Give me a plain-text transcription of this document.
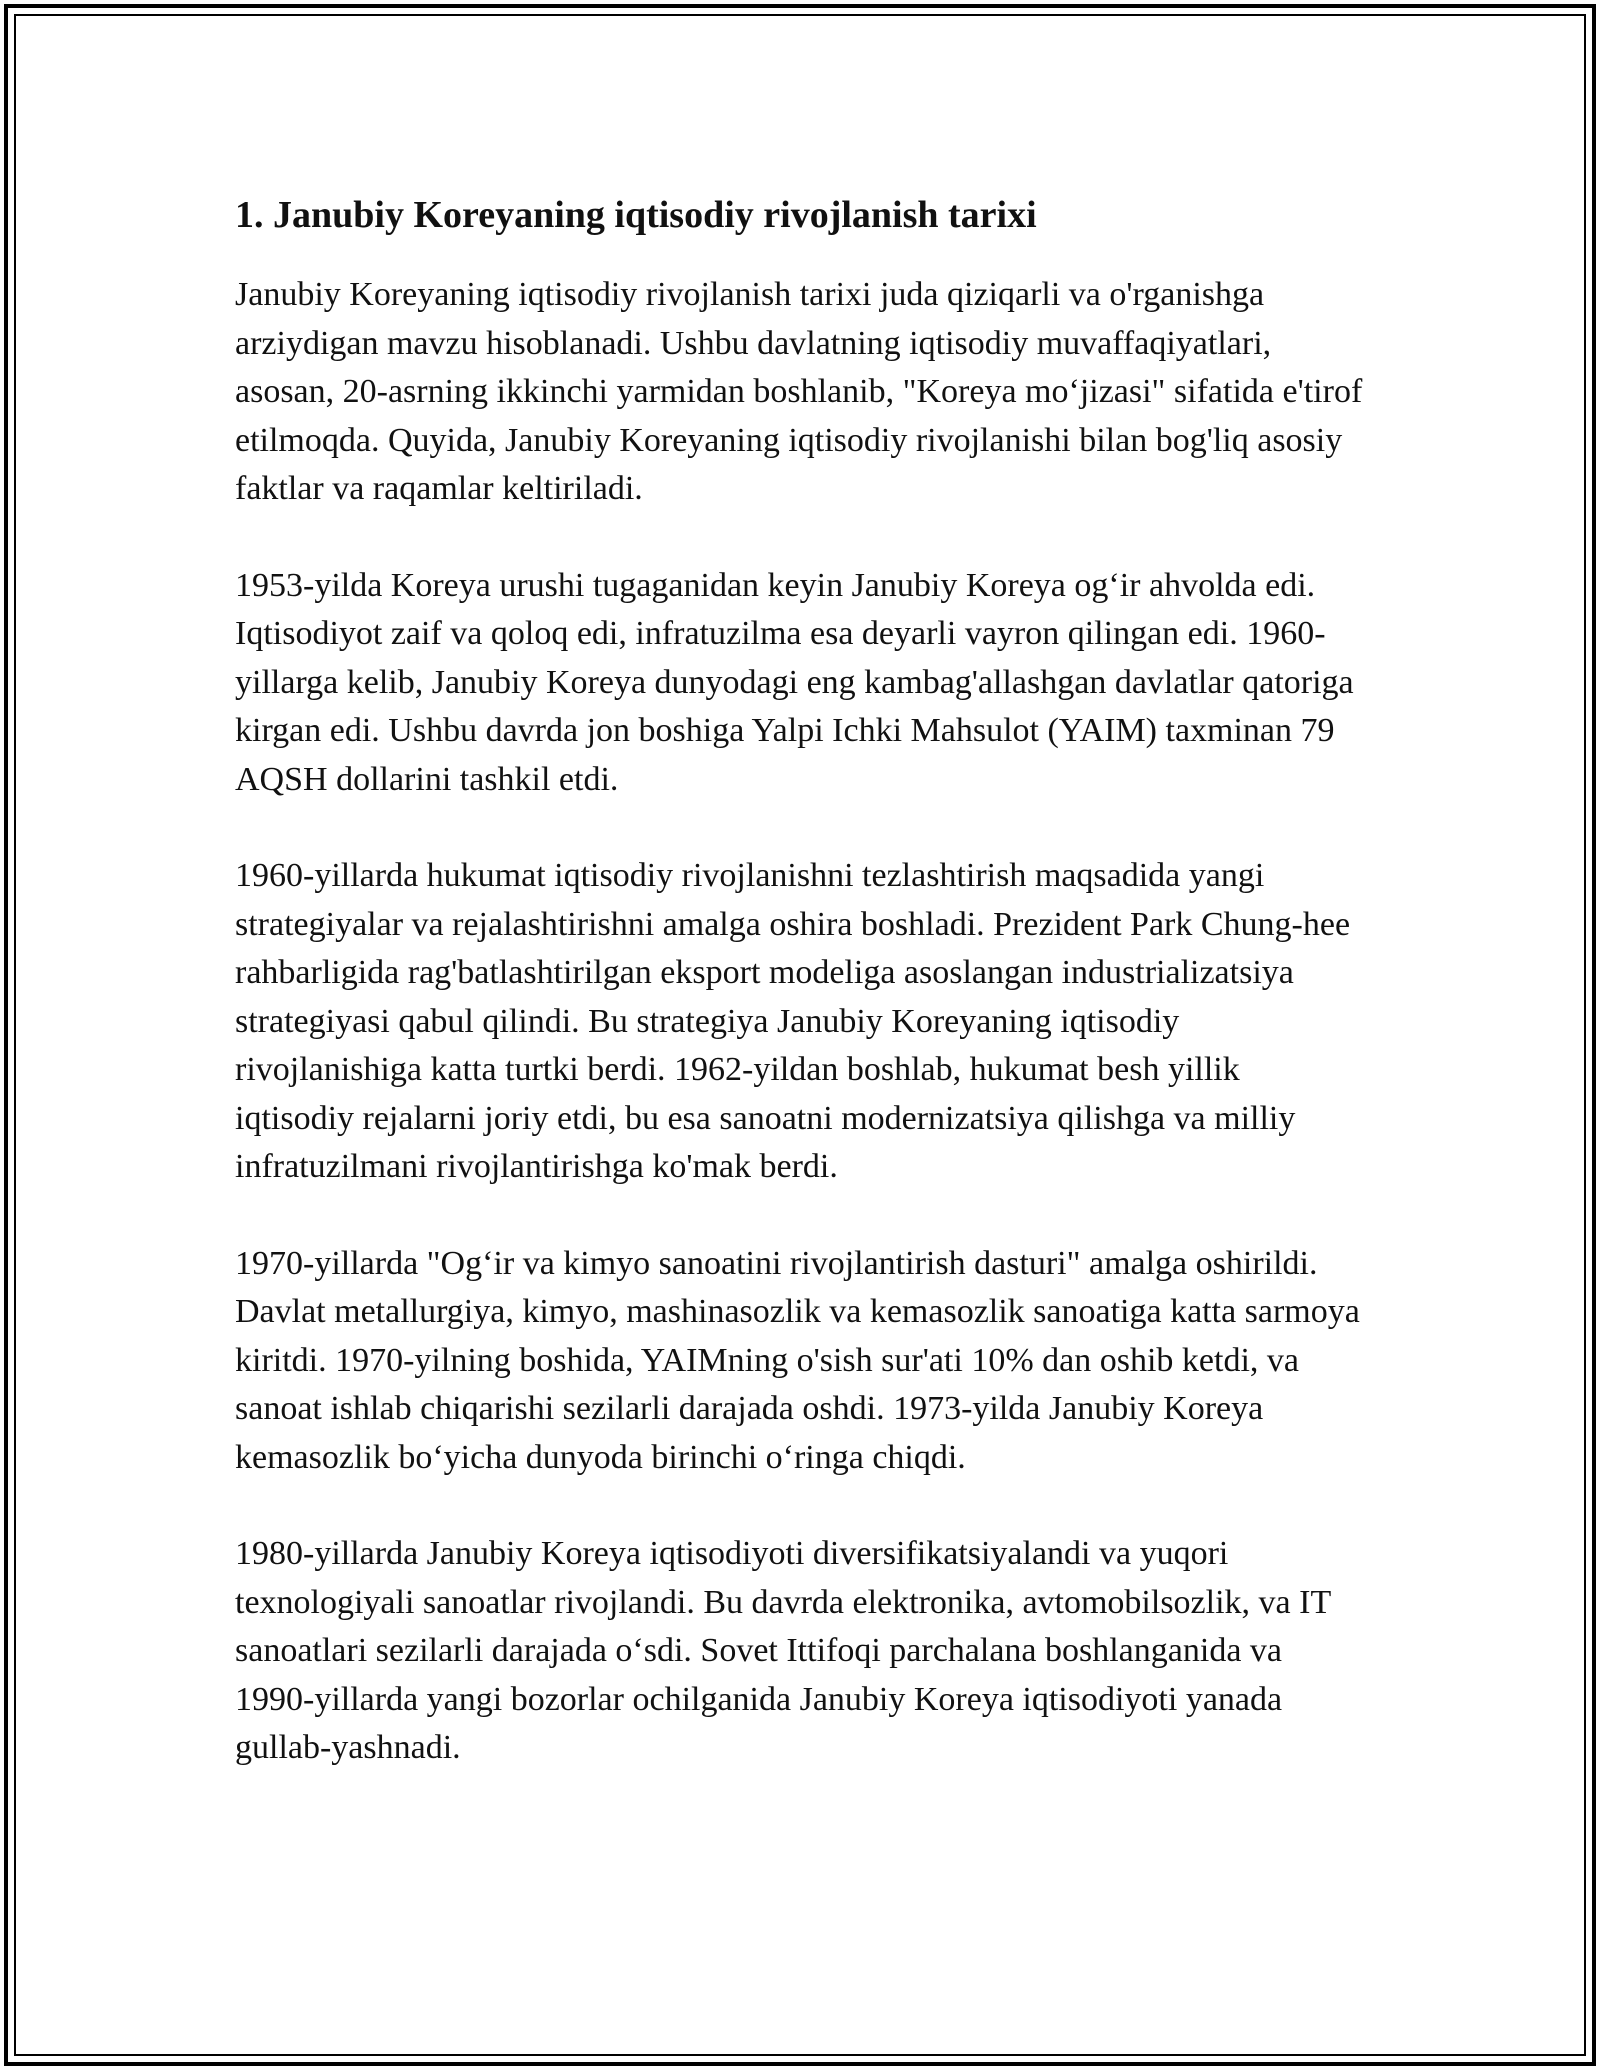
1. Janubiy Koreyaning iqtisodiy rivojlanish tarixi

Janubiy Koreyaning iqtisodiy rivojlanish tarixi juda qiziqarli va o'rganishga arziydigan mavzu hisoblanadi. Ushbu davlatning iqtisodiy muvaffaqiyatlari, asosan, 20-asrning ikkinchi yarmidan boshlanib, "Koreya mo‘jizasi" sifatida e'tirof etilmoqda. Quyida, Janubiy Koreyaning iqtisodiy rivojlanishi bilan bog'liq asosiy faktlar va raqamlar keltiriladi.

1953-yilda Koreya urushi tugaganidan keyin Janubiy Koreya og‘ir ahvolda edi. Iqtisodiyot zaif va qoloq edi, infratuzilma esa deyarli vayron qilingan edi. 1960-yillarga kelib, Janubiy Koreya dunyodagi eng kambag'allashgan davlatlar qatoriga kirgan edi. Ushbu davrda jon boshiga Yalpi Ichki Mahsulot (YAIM) taxminan 79 AQSH dollarini tashkil etdi.

1960-yillarda hukumat iqtisodiy rivojlanishni tezlashtirish maqsadida yangi strategiyalar va rejalashtirishni amalga oshira boshladi. Prezident Park Chung-hee rahbarligida rag'batlashtirilgan eksport modeliga asoslangan industrializatsiya strategiyasi qabul qilindi. Bu strategiya Janubiy Koreyaning iqtisodiy rivojlanishiga katta turtki berdi. 1962-yildan boshlab, hukumat besh yillik iqtisodiy rejalarni joriy etdi, bu esa sanoatni modernizatsiya qilishga va milliy infratuzilmani rivojlantirishga ko'mak berdi.

1970-yillarda "Og‘ir va kimyo sanoatini rivojlantirish dasturi" amalga oshirildi. Davlat metallurgiya, kimyo, mashinasozlik va kemasozlik sanoatiga katta sarmoya kiritdi. 1970-yilning boshida, YAIMning o'sish sur'ati 10% dan oshib ketdi, va sanoat ishlab chiqarishi sezilarli darajada oshdi. 1973-yilda Janubiy Koreya kemasozlik bo‘yicha dunyoda birinchi o‘ringa chiqdi.

1980-yillarda Janubiy Koreya iqtisodiyoti diversifikatsiyalandi va yuqori texnologiyali sanoatlar rivojlandi. Bu davrda elektronika, avtomobilsozlik, va IT sanoatlari sezilarli darajada o‘sdi. Sovet Ittifoqi parchalana boshlanganida va 1990-yillarda yangi bozorlar ochilganida Janubiy Koreya iqtisodiyoti yanada gullab-yashnadi.
